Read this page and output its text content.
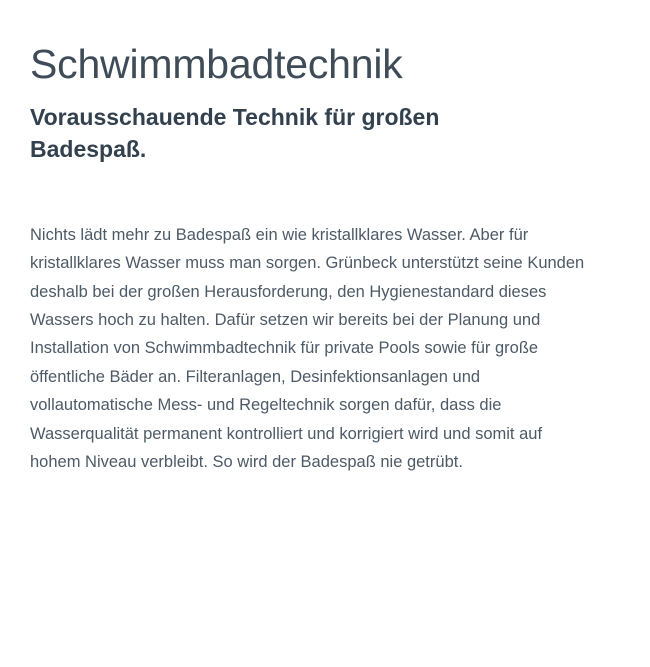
Schwimmbadtechnik
Vorausschauende Technik für großen Badespaß.

Nichts lädt mehr zu Badespaß ein wie kristallklares Wasser. Aber für kristallklares Wasser muss man sorgen. Grünbeck unterstützt seine Kunden deshalb bei der großen Herausforderung, den Hygienestandard dieses Wassers hoch zu halten. Dafür setzen wir bereits bei der Planung und Installation von Schwimmbadtechnik für private Pools sowie für große öffentliche Bäder an. Filteranlagen, Desinfektionsanlagen und vollautomatische Mess- und Regeltechnik sorgen dafür, dass die Wasserqualität permanent kontrolliert und korrigiert wird und somit auf hohem Niveau verbleibt. So wird der Badespaß nie getrübt.
